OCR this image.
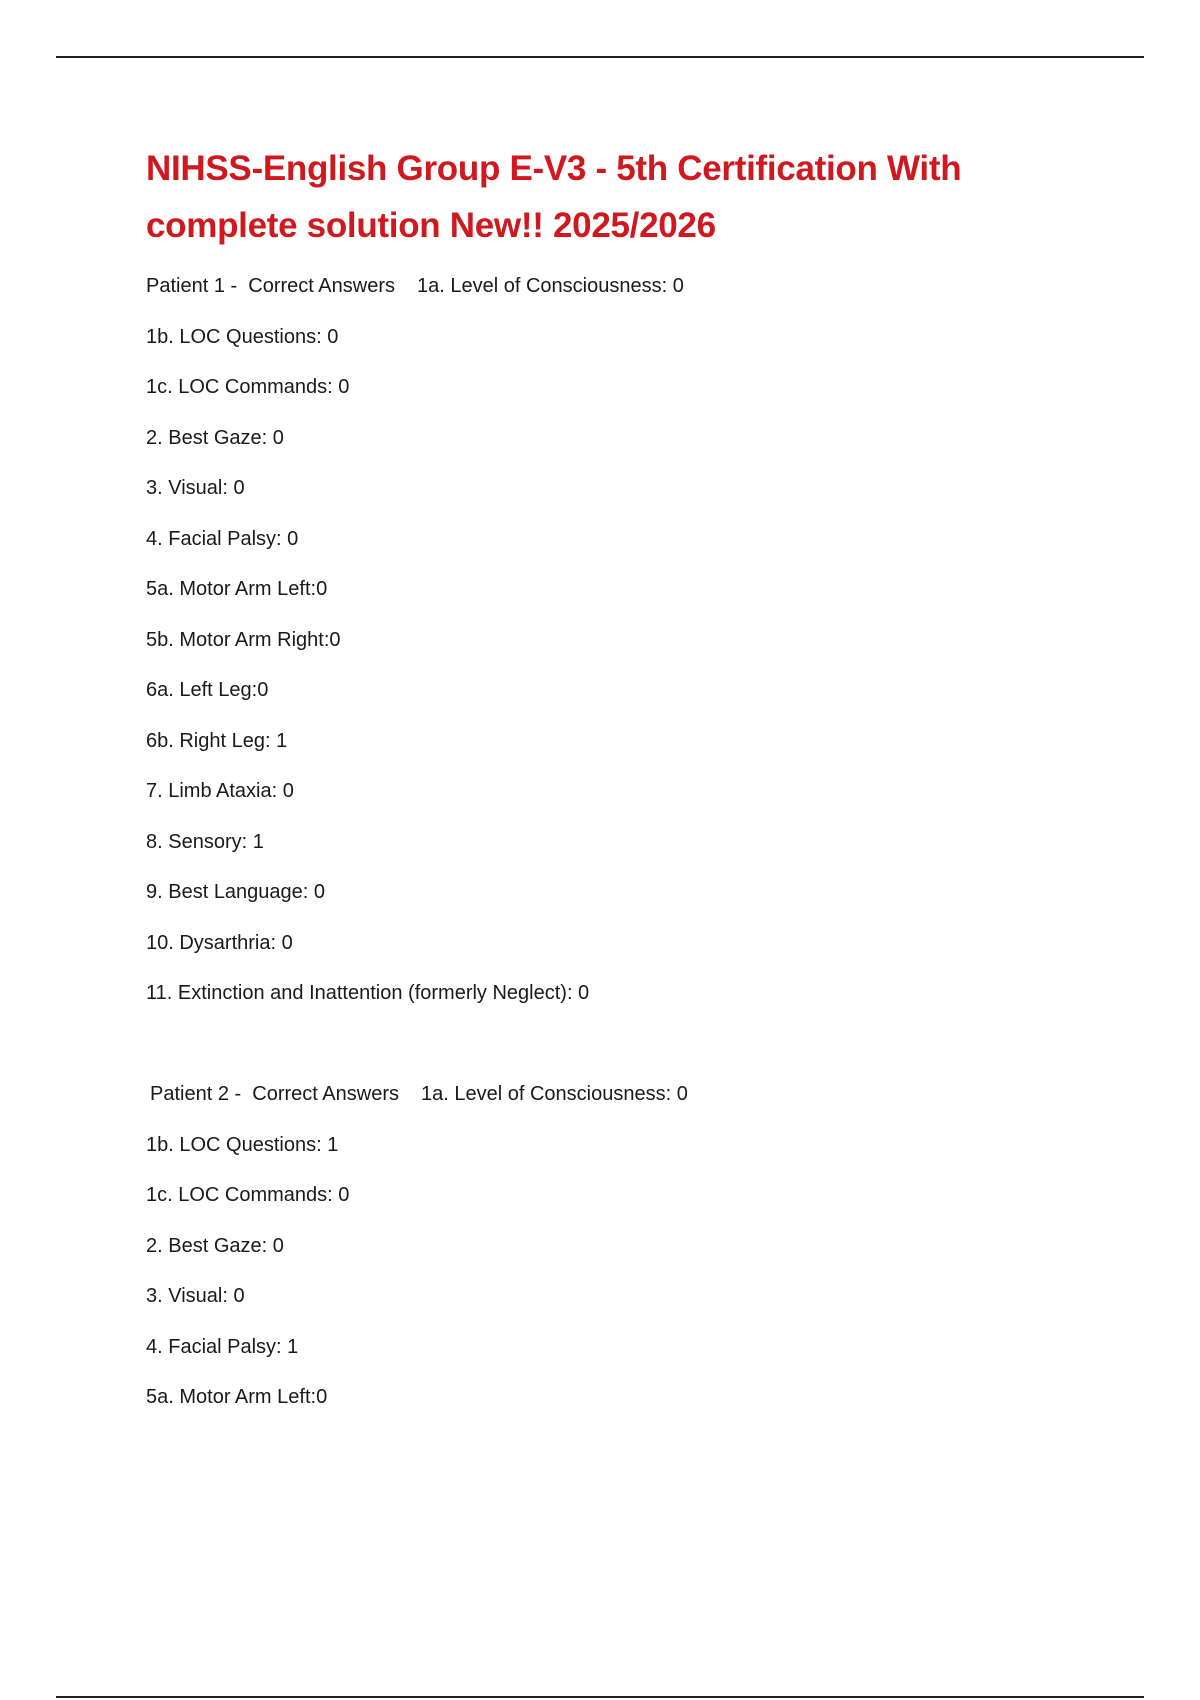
NIHSS-English Group E-V3 - 5th Certification With complete solution New!! 2025/2026

Patient 1 -  Correct Answers 1a. Level of Consciousness: 0

1b. LOC Questions: 0

1c. LOC Commands: 0

2. Best Gaze: 0

3. Visual: 0

4. Facial Palsy: 0

5a. Motor Arm Left:0

5b. Motor Arm Right:0

6a. Left Leg:0

6b. Right Leg: 1

7. Limb Ataxia: 0

8. Sensory: 1

9. Best Language: 0

10. Dysarthria: 0

11. Extinction and Inattention (formerly Neglect): 0

Patient 2 -  Correct Answers 1a. Level of Consciousness: 0

1b. LOC Questions: 1

1c. LOC Commands: 0

2. Best Gaze: 0

3. Visual: 0

4. Facial Palsy: 1

5a. Motor Arm Left:0
